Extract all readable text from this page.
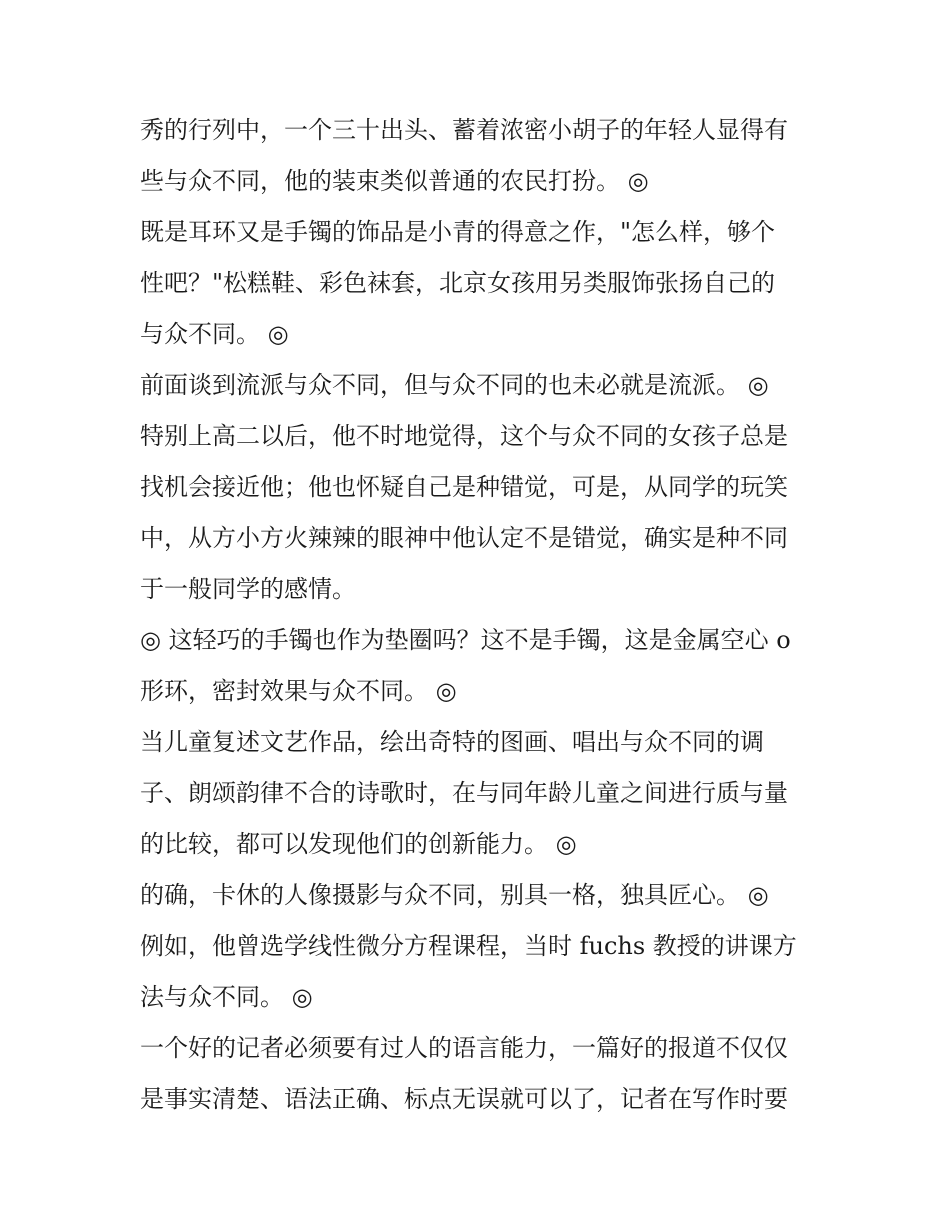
秀的行列中，一个三十出头、蓄着浓密小胡子的年轻人显得有
些与众不同，他的装束类似普通的农民打扮。 ◎
既是耳环又是手镯的饰品是小青的得意之作，"怎么样，够个
性吧？"松糕鞋、彩色袜套，北京女孩用另类服饰张扬自己的
与众不同。 ◎
前面谈到流派与众不同，但与众不同的也未必就是流派。 ◎
特别上高二以后，他不时地觉得，这个与众不同的女孩子总是
找机会接近他；他也怀疑自己是种错觉，可是，从同学的玩笑
中，从方小方火辣辣的眼神中他认定不是错觉，确实是种不同
于一般同学的感情。
◎ 这轻巧的手镯也作为垫圈吗？这不是手镯，这是金属空心 o
形环，密封效果与众不同。 ◎
当儿童复述文艺作品，绘出奇特的图画、唱出与众不同的调
子、朗颂韵律不合的诗歌时，在与同年龄儿童之间进行质与量
的比较，都可以发现他们的创新能力。 ◎
的确，卡休的人像摄影与众不同，别具一格，独具匠心。 ◎
例如，他曾选学线性微分方程课程，当时 fuchs 教授的讲课方
法与众不同。 ◎
一个好的记者必须要有过人的语言能力，一篇好的报道不仅仅
是事实清楚、语法正确、标点无误就可以了，记者在写作时要
